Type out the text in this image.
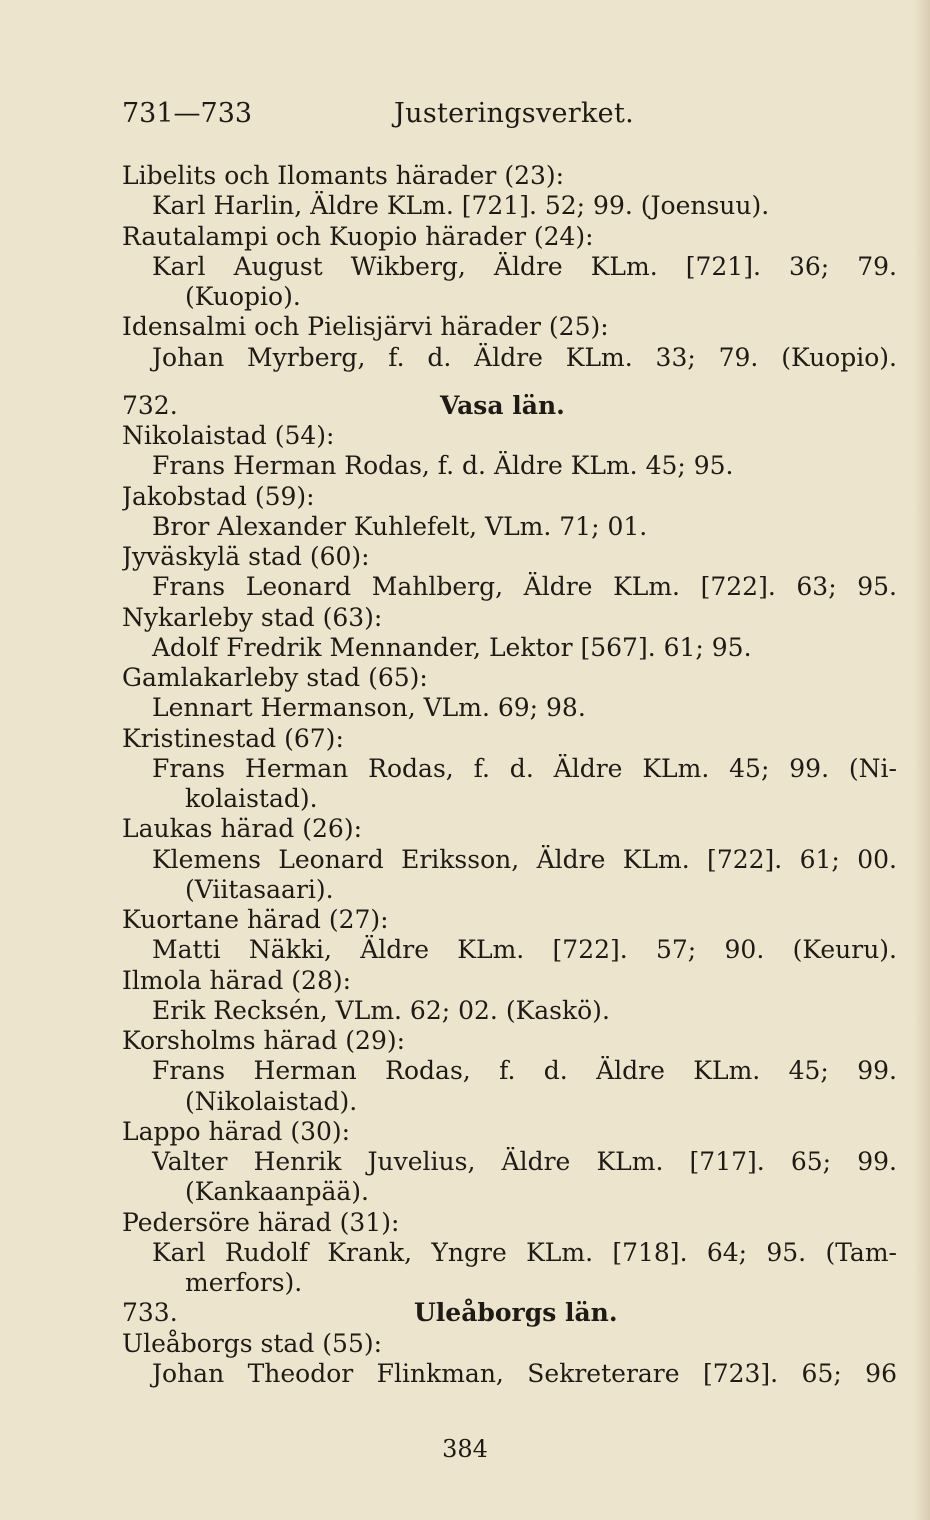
731—733	Justeringsverket.
Libelits och Ilomants härader (23):
Karl Harlin, Äldre KLm. [721]. 52; 99. (Joensuu).
Rautalampi och Kuopio härader (24):
Karl August Wikberg, Äldre KLm. [721]. 36; 79.
(Kuopio).
Idensalmi och Pielisjärvi härader (25):
Johan Myrberg, f. d. Äldre KLm. 33; 79. (Kuopio).
732.	Vasa län.
Nikolaistad (54):
Frans Herman Rodas, f. d. Äldre KLm. 45; 95.
Jakobstad (59):
Bror Alexander Kuhlefelt, VLm. 71; 01.
Jyväskylä stad (60):
Frans Leonard Mahlberg, Äldre KLm. [722]. 63; 95.
Nykarleby stad (63):
Adolf Fredrik Mennander, Lektor [567]. 61; 95.
Gamlakarleby stad (65):
Lennart Hermanson, VLm. 69; 98.
Kristinestad (67):
Frans Herman Rodas, f. d. Äldre KLm. 45; 99. (Ni-
kolaistad).
Laukas härad (26):
Klemens Leonard Eriksson, Äldre KLm. [722]. 61; 00.
(Viitasaari).
Kuortane härad (27):
Matti Näkki, Äldre KLm. [722]. 57; 90. (Keuru).
Ilmola härad (28):
Erik Recksén, VLm. 62; 02. (Kaskö).
Korsholms härad (29):
Frans Herman Rodas, f. d. Äldre KLm. 45; 99.
(Nikolaistad).
Lappo härad (30):
Valter Henrik Juvelius, Äldre KLm. [717]. 65; 99.
(Kankaanpää).
Pedersöre härad (31):
Karl Rudolf Krank, Yngre KLm. [718]. 64; 95. (Tam-
merfors).
733.	Uleåborgs län.
Uleåborgs stad (55):
Johan Theodor Flinkman, Sekreterare [723]. 65; 96
384
